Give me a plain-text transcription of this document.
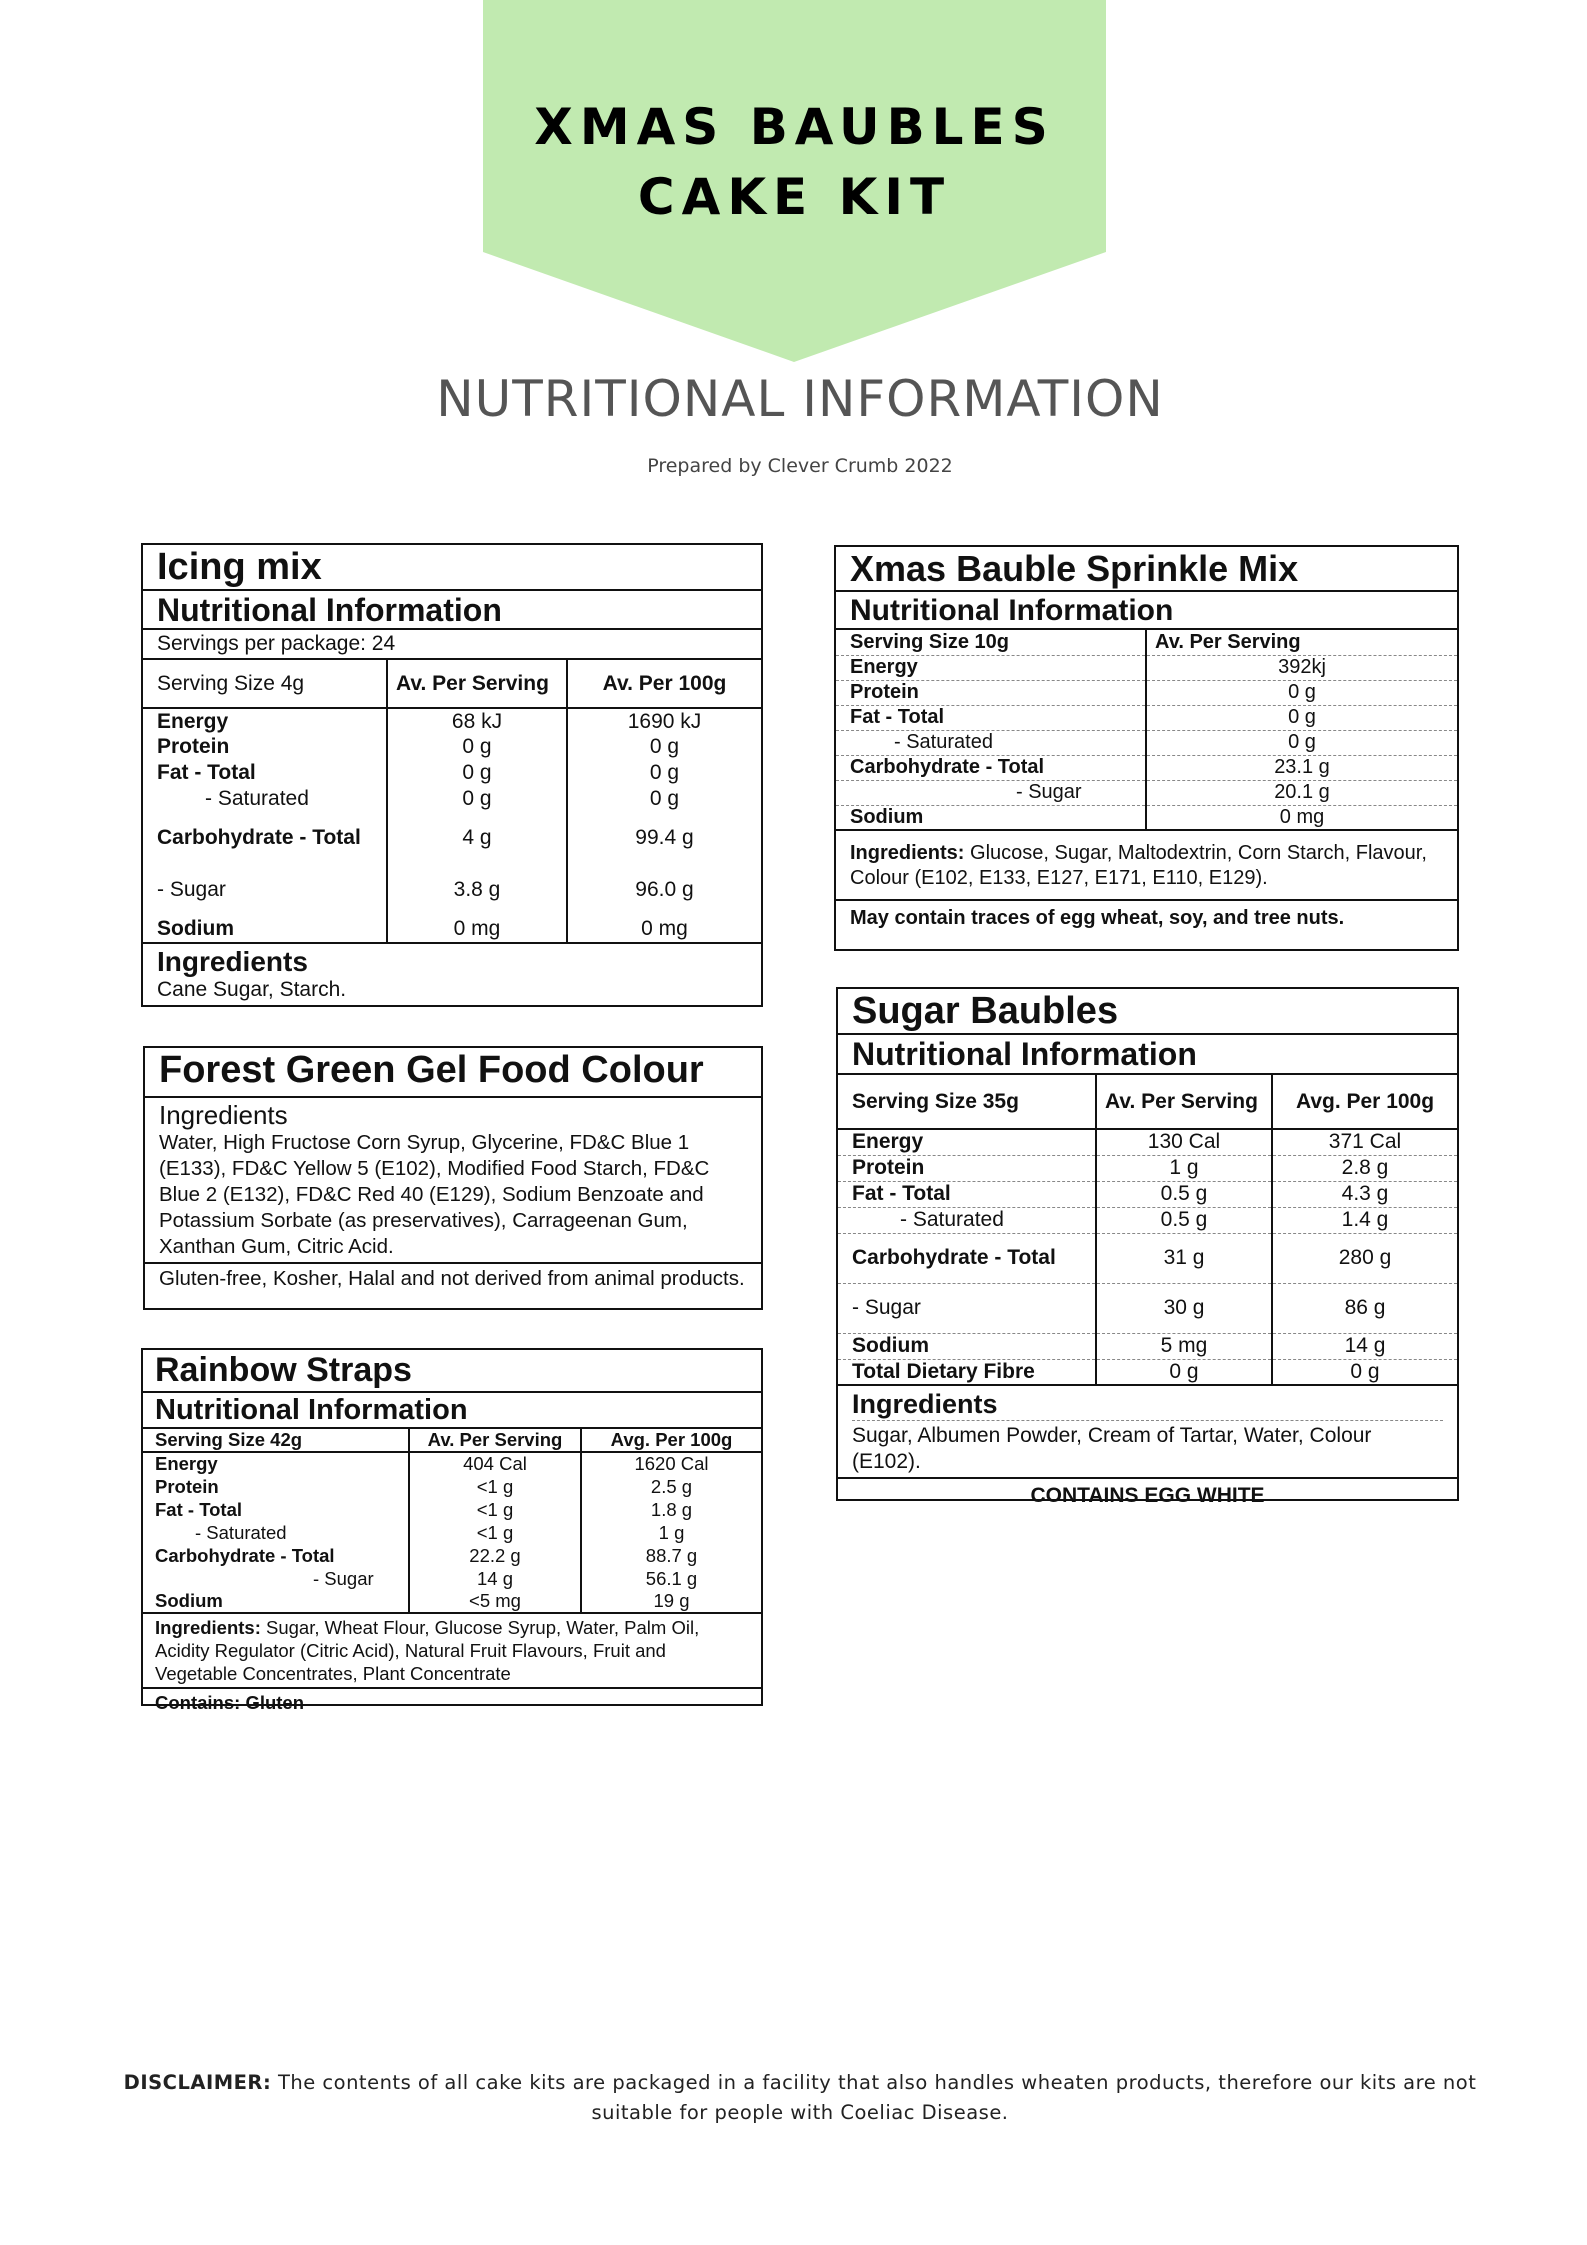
XMAS BAUBLES
CAKE KIT
NUTRITIONAL INFORMATION
Prepared by Clever Crumb 2022
Icing mix
Nutritional Information
Servings per package: 24
Serving Size 4g	Av. Per Serving	Av. Per 100g
Energy	68 kJ	1690 kJ
Protein	0 g	0 g
Fat - Total	0 g	0 g
- Saturated	0 g	0 g
Carbohydrate - Total	4 g	99.4 g
- Sugar	3.8 g	96.0 g
Sodium	0 mg	0 mg
Ingredients
Cane Sugar, Starch.
Xmas Bauble Sprinkle Mix
Nutritional Information
Serving Size 10g	Av. Per Serving
Energy	392kj
Protein	0 g
Fat - Total	0 g
- Saturated	0 g
Carbohydrate - Total	23.1 g
- Sugar	20.1 g
Sodium	0 mg
Ingredients: Glucose, Sugar, Maltodextrin, Corn Starch, Flavour, Colour (E102, E133, E127, E171, E110, E129).
May contain traces of egg wheat, soy, and tree nuts.
Forest Green Gel Food Colour
Ingredients
Water, High Fructose Corn Syrup, Glycerine, FD&C Blue 1 (E133), FD&C Yellow 5 (E102), Modified Food Starch, FD&C Blue 2 (E132), FD&C Red 40 (E129), Sodium Benzoate and Potassium Sorbate (as preservatives), Carrageenan Gum, Xanthan Gum, Citric Acid.
Gluten-free, Kosher, Halal and not derived from animal products.
Sugar Baubles
Nutritional Information
Serving Size 35g	Av. Per Serving	Avg. Per 100g
Energy	130 Cal	371 Cal
Protein	1 g	2.8 g
Fat - Total	0.5 g	4.3 g
- Saturated	0.5 g	1.4 g
Carbohydrate - Total	31 g	280 g
- Sugar	30 g	86 g
Sodium	5 mg	14 g
Total Dietary Fibre	0 g	0 g
Ingredients
Sugar, Albumen Powder, Cream of Tartar, Water, Colour (E102).
CONTAINS EGG WHITE
Rainbow Straps
Nutritional Information
Serving Size 42g	Av. Per Serving	Avg. Per 100g
Energy	404 Cal	1620 Cal
Protein	<1 g	2.5 g
Fat - Total	<1 g	1.8 g
- Saturated	<1 g	1 g
Carbohydrate - Total	22.2 g	88.7 g
- Sugar	14 g	56.1 g
Sodium	<5 mg	19 g
Ingredients: Sugar, Wheat Flour, Glucose Syrup, Water, Palm Oil, Acidity Regulator (Citric Acid), Natural Fruit Flavours, Fruit and Vegetable Concentrates, Plant Concentrate
Contains: Gluten
DISCLAIMER: The contents of all cake kits are packaged in a facility that also handles wheaten products, therefore our kits are not suitable for people with Coeliac Disease.
